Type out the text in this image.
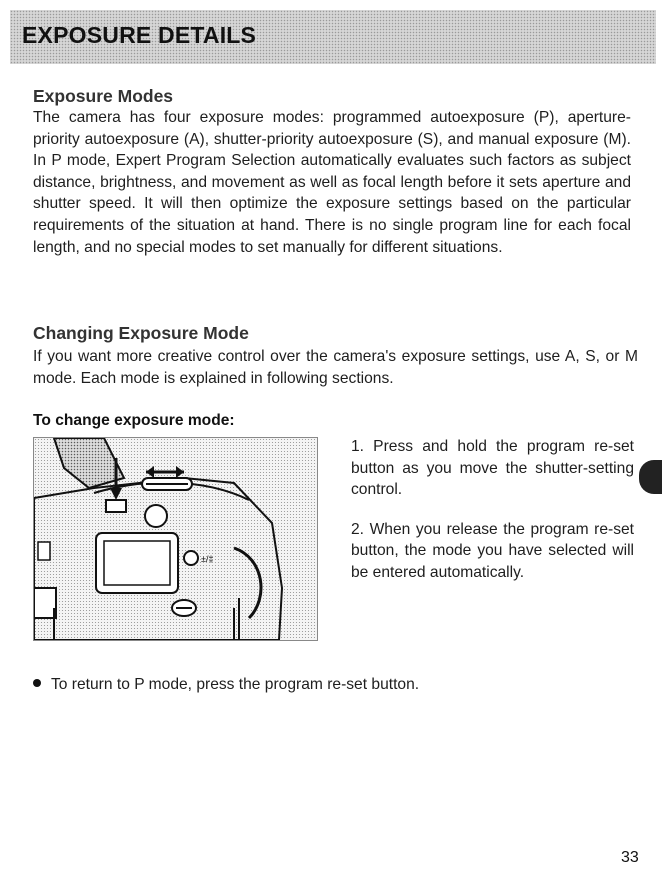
EXPOSURE DETAILS
Exposure Modes

The camera has four exposure modes: programmed autoexposure (P), aperture-priority autoexposure (A), shutter-priority autoexposure (S), and manual exposure (M). In P mode, Expert Program Selection automatically evaluates such factors as subject distance, brightness, and movement as well as focal length before it sets aperture and shutter speed. It will then optimize the exposure settings based on the particular requirements of the situation at hand. There is no single program line for each focal length, and no special modes to set manually for different situations.

Changing Exposure Mode

If you want more creative control over the camera's exposure settings, use A, S, or M mode. Each mode is explained in following sections.

To change exposure mode:

±/‡

1. Press and hold the program re-set button as you move the shutter-setting control.

2. When you release the program re-set button, the mode you have selected will be entered automatically.

To return to P mode, press the program re-set button.

33
